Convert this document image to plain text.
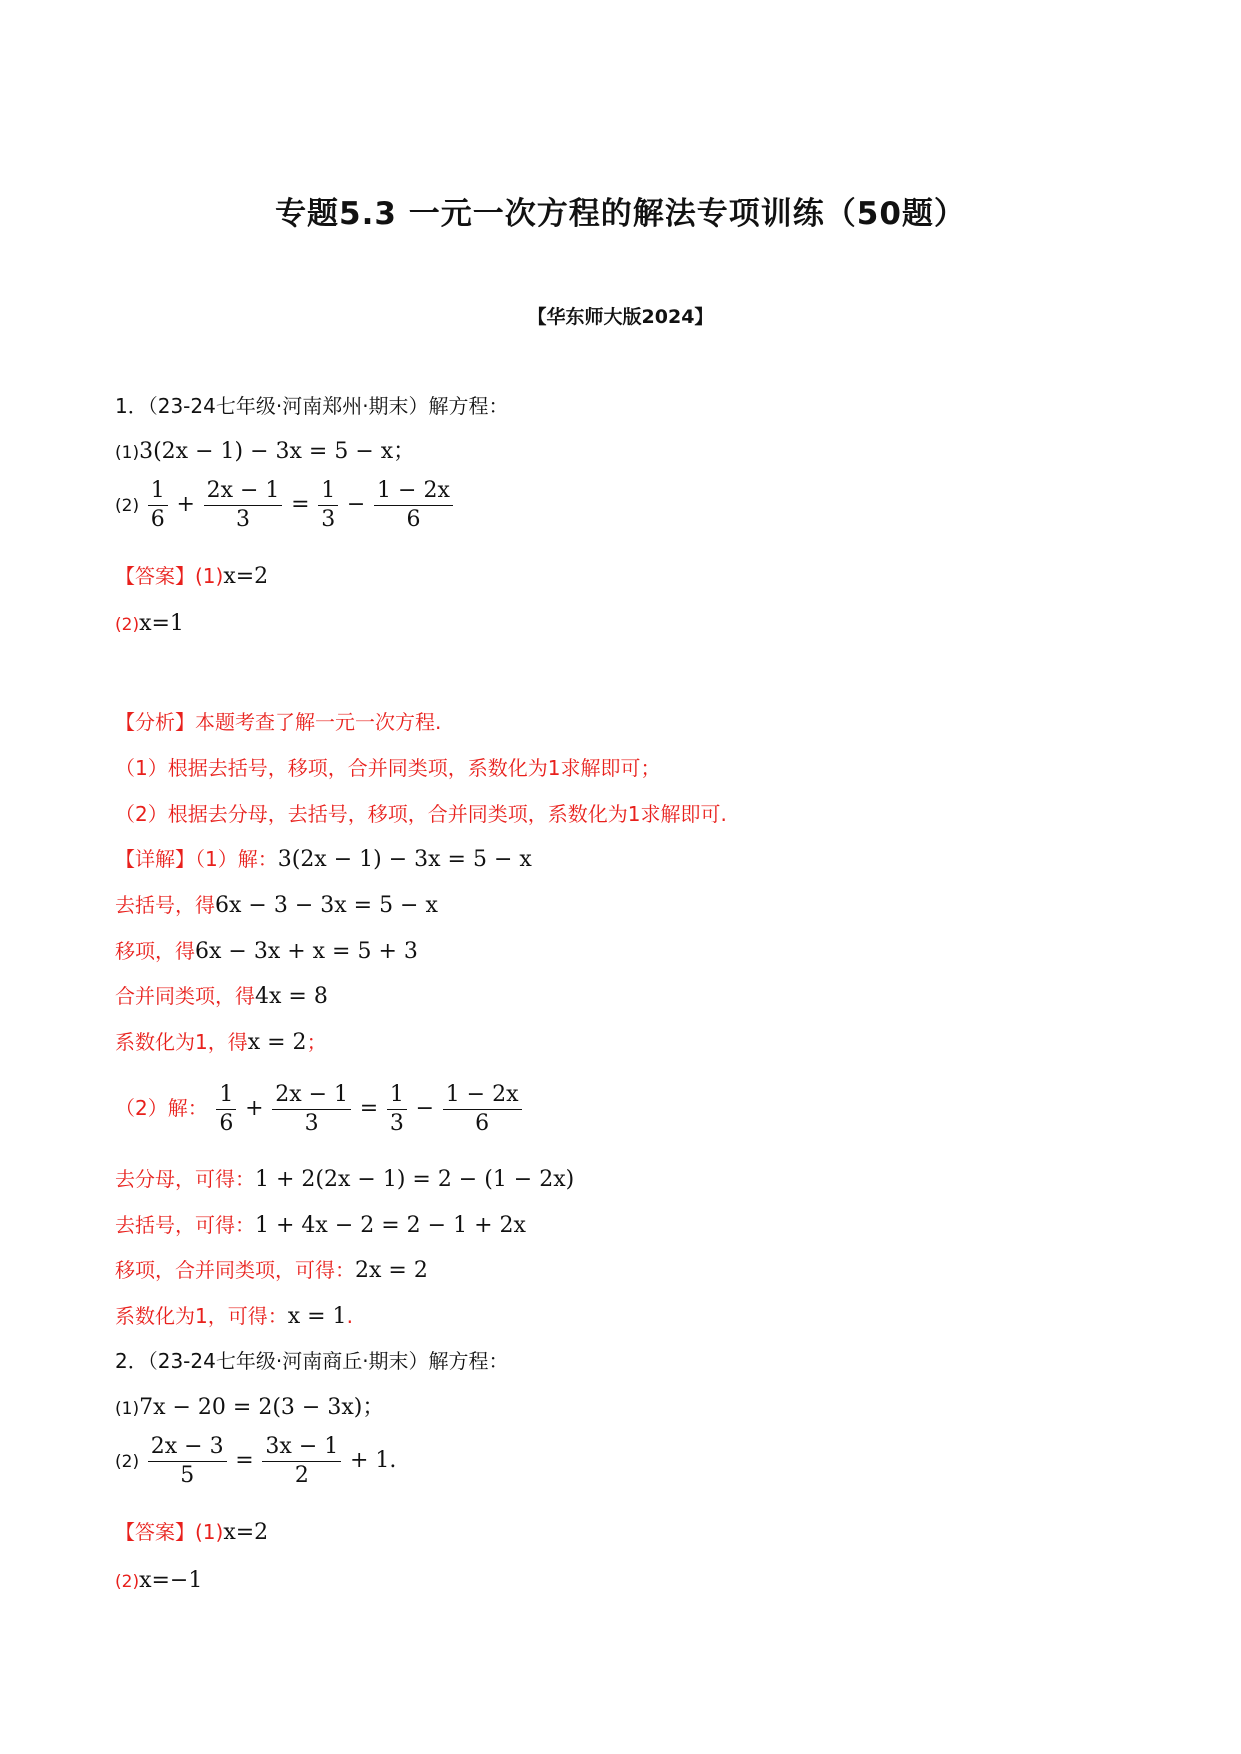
专题5.3 一元一次方程的解法专项训练（50题）
【华东师大版2024】
1．（23-24七年级·河南郑州·期末）解方程：
(1)3(2x − 1) − 3x = 5 − x；
$(2) \frac{1}{6} + \frac{2x - 1}{3} = \frac{1}{3} - \frac{1 - 2x}{6}$
【答案】(1)x=2
(2)x=1
【分析】本题考查了解一元一次方程.
（1）根据去括号，移项，合并同类项，系数化为1求解即可；
（2）根据去分母，去括号，移项，合并同类项，系数化为1求解即可.
【详解】（1）解：3(2x − 1) − 3x = 5 − x
去括号，得6x − 3 − 3x = 5 − x
移项，得6x − 3x + x = 5 + 3
合并同类项，得4x = 8
系数化为1，得x = 2；
（2）解： $\frac{1}{6} + \frac{2x - 1}{3} = \frac{1}{3} - \frac{1 - 2x}{6}$
去分母，可得：1 + 2(2x − 1) = 2 − (1 − 2x)
去括号，可得：1 + 4x − 2 = 2 − 1 + 2x
移项，合并同类项，可得：2x = 2
系数化为1，可得：x = 1.
2．（23-24七年级·河南商丘·期末）解方程：
(1)7x − 20 = 2(3 − 3x)；
$(2) \frac{2x - 3}{5} = \frac{3x - 1}{2} + 1$.
【答案】(1)x=2
(2)x=−1
